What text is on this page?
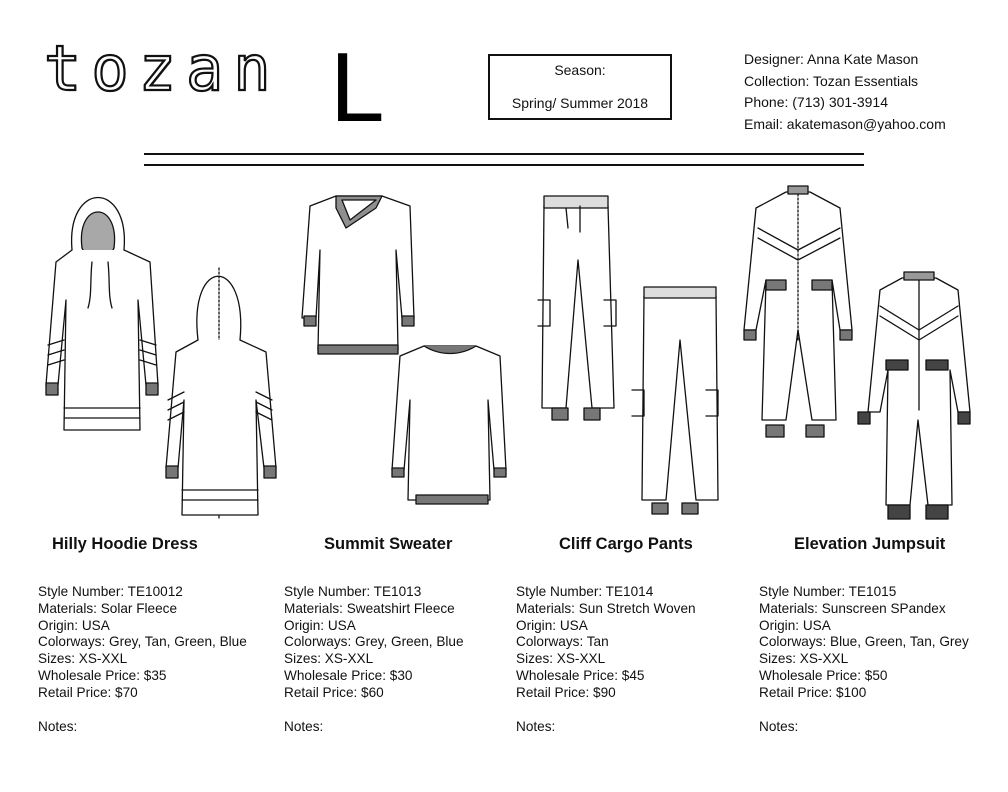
tozan L	Season:
Spring/ Summer 2018
Designer: Anna Kate Mason
Collection: Tozan Essentials
Phone: (713) 301-3914
Email: akatemason@yahoo.com
Hilly Hoodie Dress	Summit Sweater	Cliff Cargo Pants	Elevation Jumpsuit
Style Number: TE10012
Materials: Solar Fleece
Origin: USA
Colorways: Grey, Tan, Green, Blue
Sizes: XS-XXL
Wholesale Price: $35
Retail Price: $70
Notes:
Style Number: TE1013
Materials: Sweatshirt Fleece
Origin: USA
Colorways: Grey, Green, Blue
Sizes: XS-XXL
Wholesale Price: $30
Retail Price: $60
Notes:
Style Number: TE1014
Materials: Sun Stretch Woven
Origin: USA
Colorways: Tan
Sizes: XS-XXL
Wholesale Price: $45
Retail Price: $90
Notes:
Style Number: TE1015
Materials: Sunscreen SPandex
Origin: USA
Colorways: Blue, Green, Tan, Grey
Sizes: XS-XXL
Wholesale Price: $50
Retail Price: $100
Notes:
